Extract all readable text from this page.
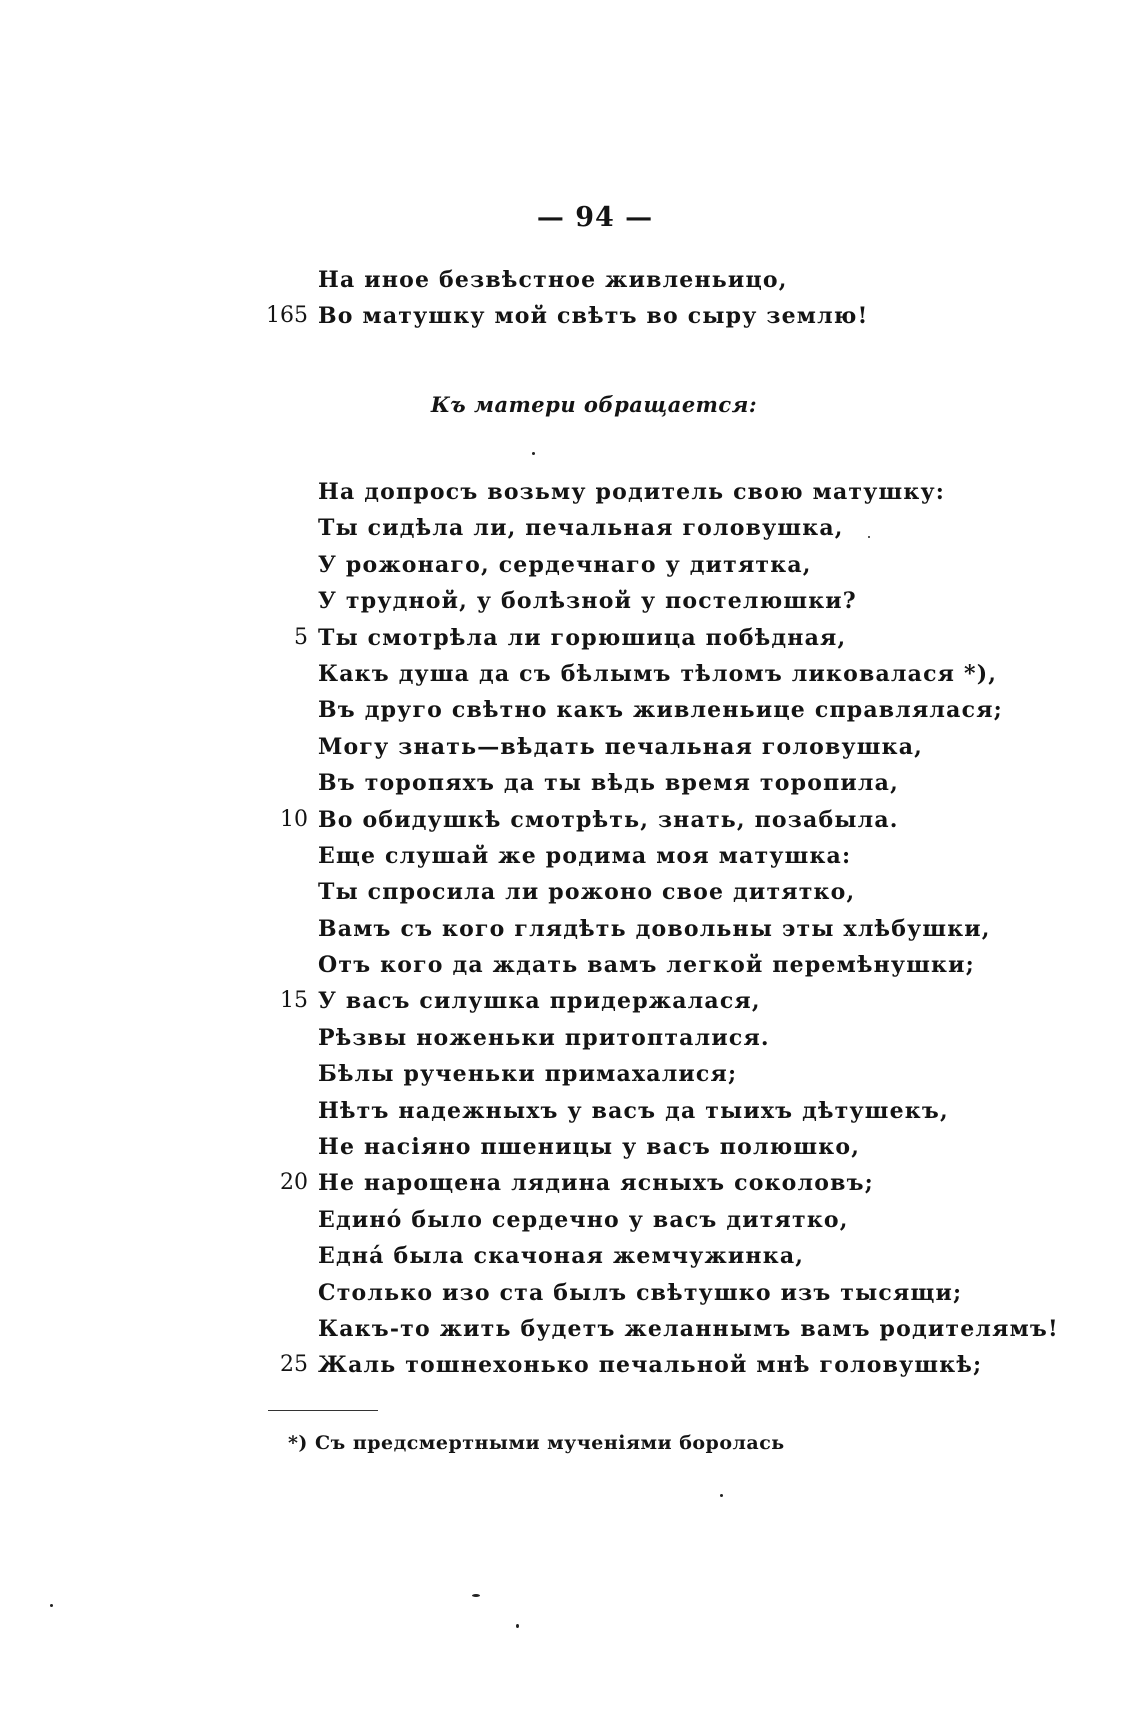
— 94 —
На иное безвѣстное живленьицо,
165 Во матушку мой свѣтъ во сыру землю!
Къ матери обращается:
На допросъ возьму родитель свою матушку:
Ты сидѣла ли, печальная головушка,
У рожонаго, сердечнаго у дитятка,
У трудной, у болѣзной у постелюшки?
5 Ты смотрѣла ли горюшица побѣдная,
Какъ душа да съ бѣлымъ тѣломъ ликовалася *),
Въ друго свѣтно какъ живленьице справлялася;
Могу знать—вѣдать печальная головушка,
Въ торопяхъ да ты вѣдь время торопила,
10 Во обидушкѣ смотрѣть, знать, позабыла.
Еще слушай же родима моя матушка:
Ты спросила ли рожоно свое дитятко,
Вамъ съ кого глядѣть довольны эты хлѣбушки,
Отъ кого да ждать вамъ легкой перемѣнушки;
15 У васъ силушка придержалася,
Рѣзвы ноженьки притопталися.
Бѣлы рученьки примахалися;
Нѣтъ надежныхъ у васъ да тыихъ дѣтушекъ,
Не насіяно пшеницы у васъ полюшко,
20 Не нарощена лядина ясныхъ соколовъ;
Едино́ было сердечно у васъ дитятко,
Една́ была скачоная жемчужинка,
Столько изо ста былъ свѣтушко изъ тысящи;
Какъ-то жить будетъ желаннымъ вамъ родителямъ!
25 Жаль тошнехонько печальной мнѣ головушкѣ;
*) Съ предсмертными мученіями боролась
